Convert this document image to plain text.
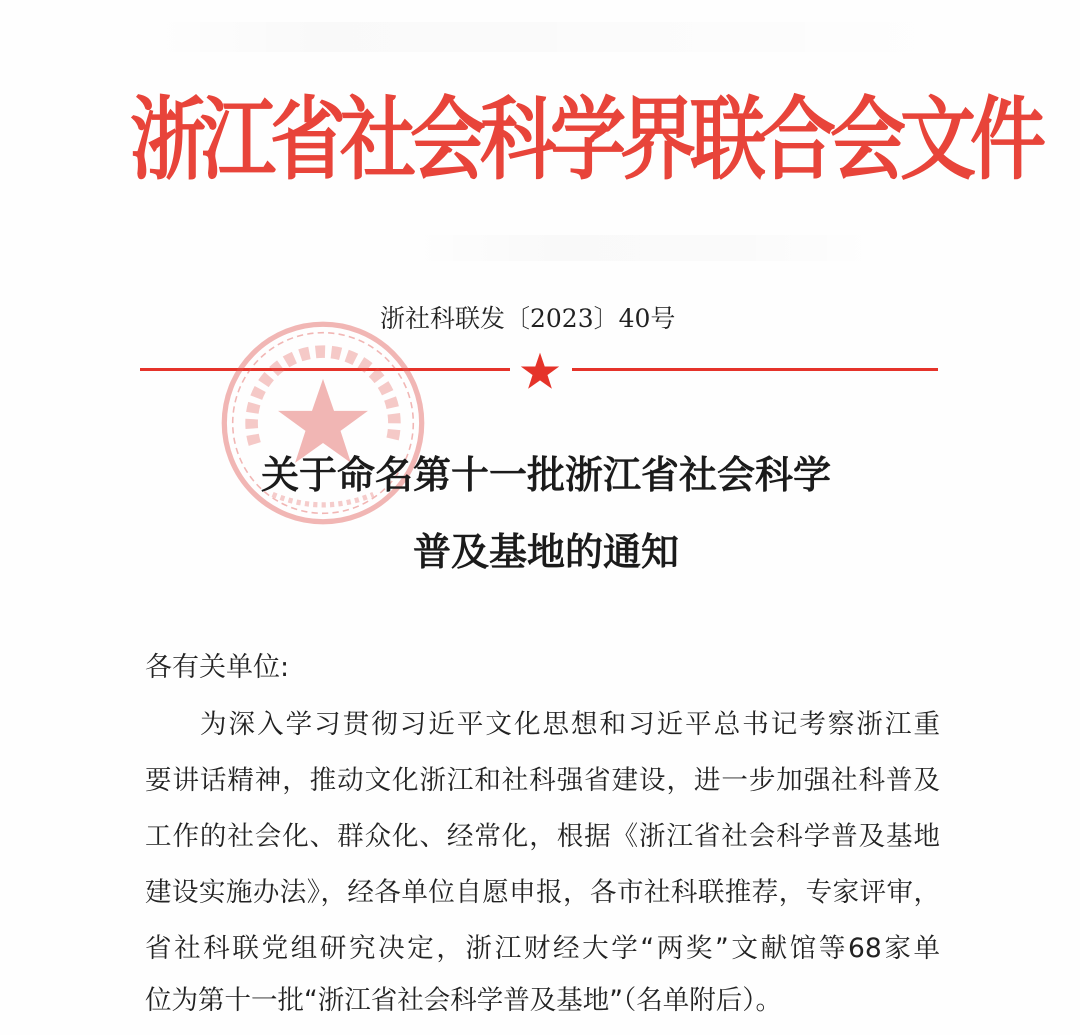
浙江省社会科学界联合会文件
浙社科联发〔2023〕40号
关于命名第十一批浙江省社会科学
普及基地的通知
各有关单位:
为深入学习贯彻习近平文化思想和习近平总书记考察浙江重
要讲话精神，推动文化浙江和社科强省建设，进一步加强社科普及
工作的社会化、群众化、经常化，根据《浙江省社会科学普及基地
建设实施办法》，经各单位自愿申报，各市社科联推荐，专家评审，
省社科联党组研究决定，浙江财经大学“两奖”文献馆等68家单
位为第十一批“浙江省社会科学普及基地”（名单附后）。
